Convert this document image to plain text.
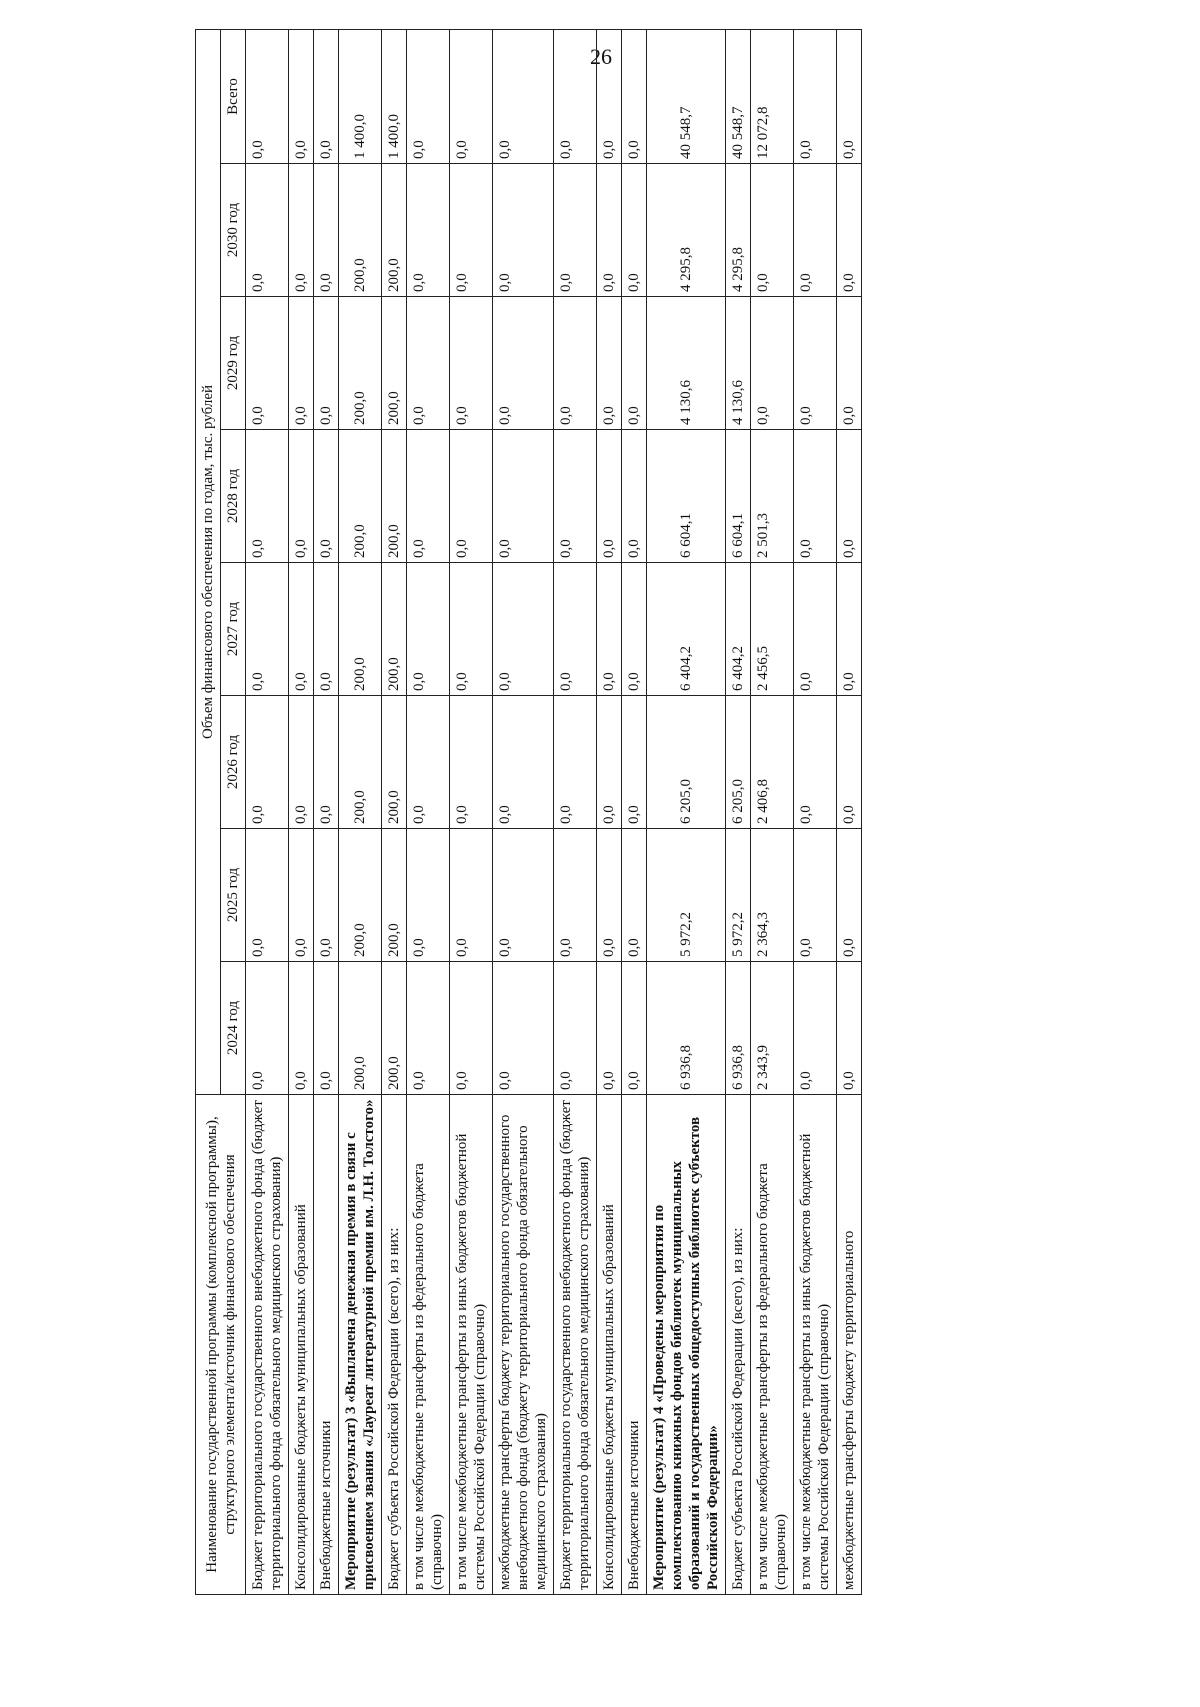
26
Наименование государственной программы (комплексной программы), структурного элемента/источник финансового обеспечения	Объем финансового обеспечения по годам, тыс. рублей							
	2024 год	2025 год	2026 год	2027 год	2028 год	2029 год	2030 год	Всего
Бюджет территориального государственного внебюджетного фонда (бюджет территориального фонда обязательного медицинского страхования)	0,0	0,0	0,0	0,0	0,0	0,0	0,0	0,0
Консолидированные бюджеты муниципальных образований	0,0	0,0	0,0	0,0	0,0	0,0	0,0	0,0
Внебюджетные источники	0,0	0,0	0,0	0,0	0,0	0,0	0,0	0,0
Мероприятие (результат) 3 «Выплачена денежная премия в связи с присвоением звания «Лауреат литературной премии им. Л.Н. Толстого»	200,0	200,0	200,0	200,0	200,0	200,0	200,0	1 400,0
Бюджет субъекта Российской Федерации (всего), из них:	200,0	200,0	200,0	200,0	200,0	200,0	200,0	1 400,0
в том числе межбюджетные трансферты из федерального бюджета (справочно)	0,0	0,0	0,0	0,0	0,0	0,0	0,0	0,0
в том числе межбюджетные трансферты из иных бюджетов бюджетной системы Российской Федерации (справочно)	0,0	0,0	0,0	0,0	0,0	0,0	0,0	0,0
межбюджетные трансферты бюджету территориального государственного внебюджетного фонда (бюджету территориального фонда обязательного медицинского страхования)	0,0	0,0	0,0	0,0	0,0	0,0	0,0	0,0
Бюджет территориального государственного внебюджетного фонда (бюджет территориального фонда обязательного медицинского страхования)	0,0	0,0	0,0	0,0	0,0	0,0	0,0	0,0
Консолидированные бюджеты муниципальных образований	0,0	0,0	0,0	0,0	0,0	0,0	0,0	0,0
Внебюджетные источники	0,0	0,0	0,0	0,0	0,0	0,0	0,0	0,0
Мероприятие (результат) 4 «Проведены мероприятия по комплектованию книжных фондов библиотек муниципальных образований и государственных общедоступных библиотек субъектов Российской Федерации»	6 936,8	5 972,2	6 205,0	6 404,2	6 604,1	4 130,6	4 295,8	40 548,7
Бюджет субъекта Российской Федерации (всего), из них:	6 936,8	5 972,2	6 205,0	6 404,2	6 604,1	4 130,6	4 295,8	40 548,7
в том числе межбюджетные трансферты из федерального бюджета (справочно)	2 343,9	2 364,3	2 406,8	2 456,5	2 501,3	0,0	0,0	12 072,8
в том числе межбюджетные трансферты из иных бюджетов бюджетной системы Российской Федерации (справочно)	0,0	0,0	0,0	0,0	0,0	0,0	0,0	0,0
межбюджетные трансферты бюджету территориального	0,0	0,0	0,0	0,0	0,0	0,0	0,0	0,0
